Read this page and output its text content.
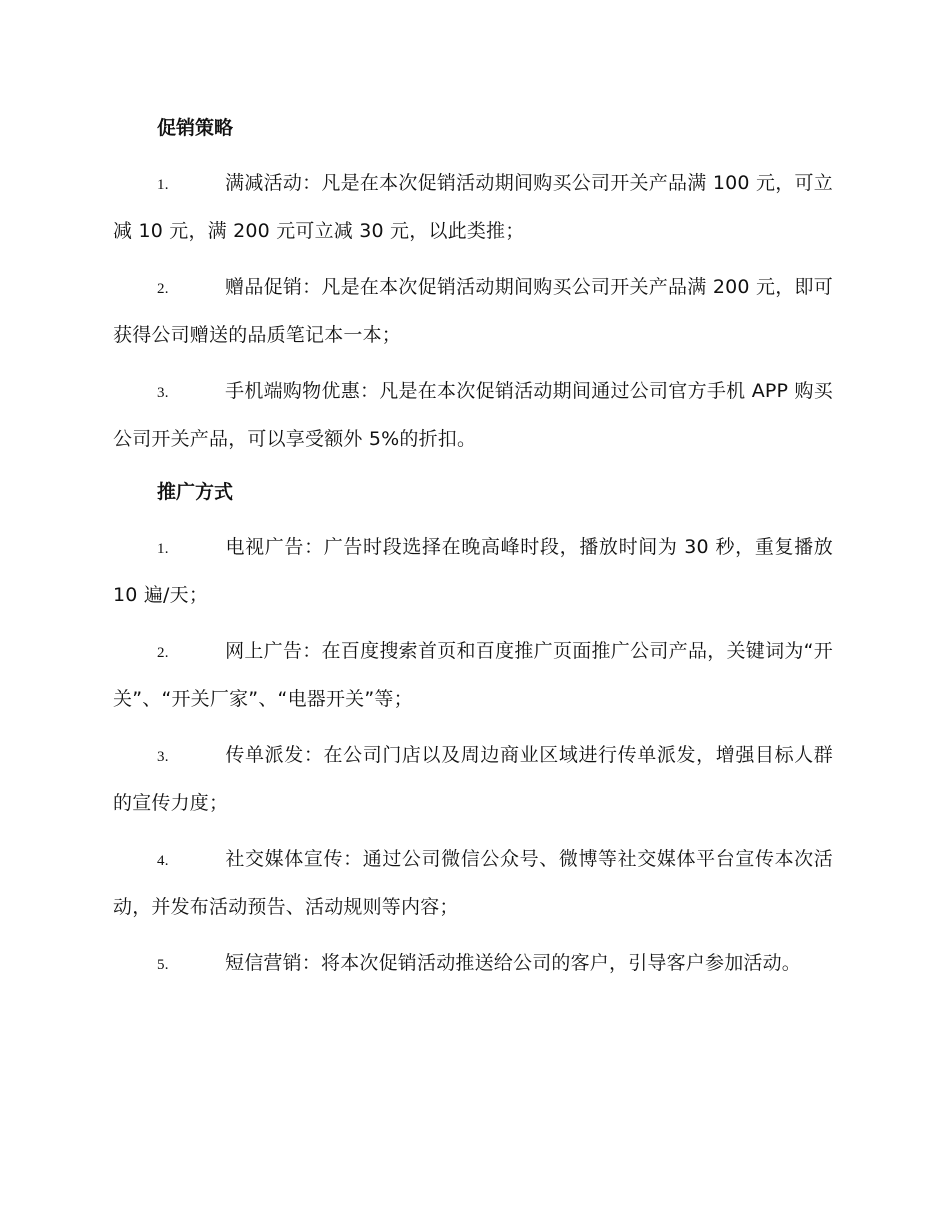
促销策略

1.	满减活动：凡是在本次促销活动期间购买公司开关产品满 100 元，可立减 10 元，满 200 元可立减 30 元，以此类推；

2.	赠品促销：凡是在本次促销活动期间购买公司开关产品满 200 元，即可获得公司赠送的品质笔记本一本；

3.	手机端购物优惠：凡是在本次促销活动期间通过公司官方手机 APP 购买公司开关产品，可以享受额外 5%的折扣。

推广方式

1.	电视广告：广告时段选择在晚高峰时段，播放时间为 30 秒，重复播放 10 遍/天；

2.	网上广告：在百度搜索首页和百度推广页面推广公司产品，关键词为“开关”、“开关厂家”、“电器开关”等；

3.	传单派发：在公司门店以及周边商业区域进行传单派发，增强目标人群的宣传力度；

4.	社交媒体宣传：通过公司微信公众号、微博等社交媒体平台宣传本次活动，并发布活动预告、活动规则等内容；

5.	短信营销：将本次促销活动推送给公司的客户，引导客户参加活动。
